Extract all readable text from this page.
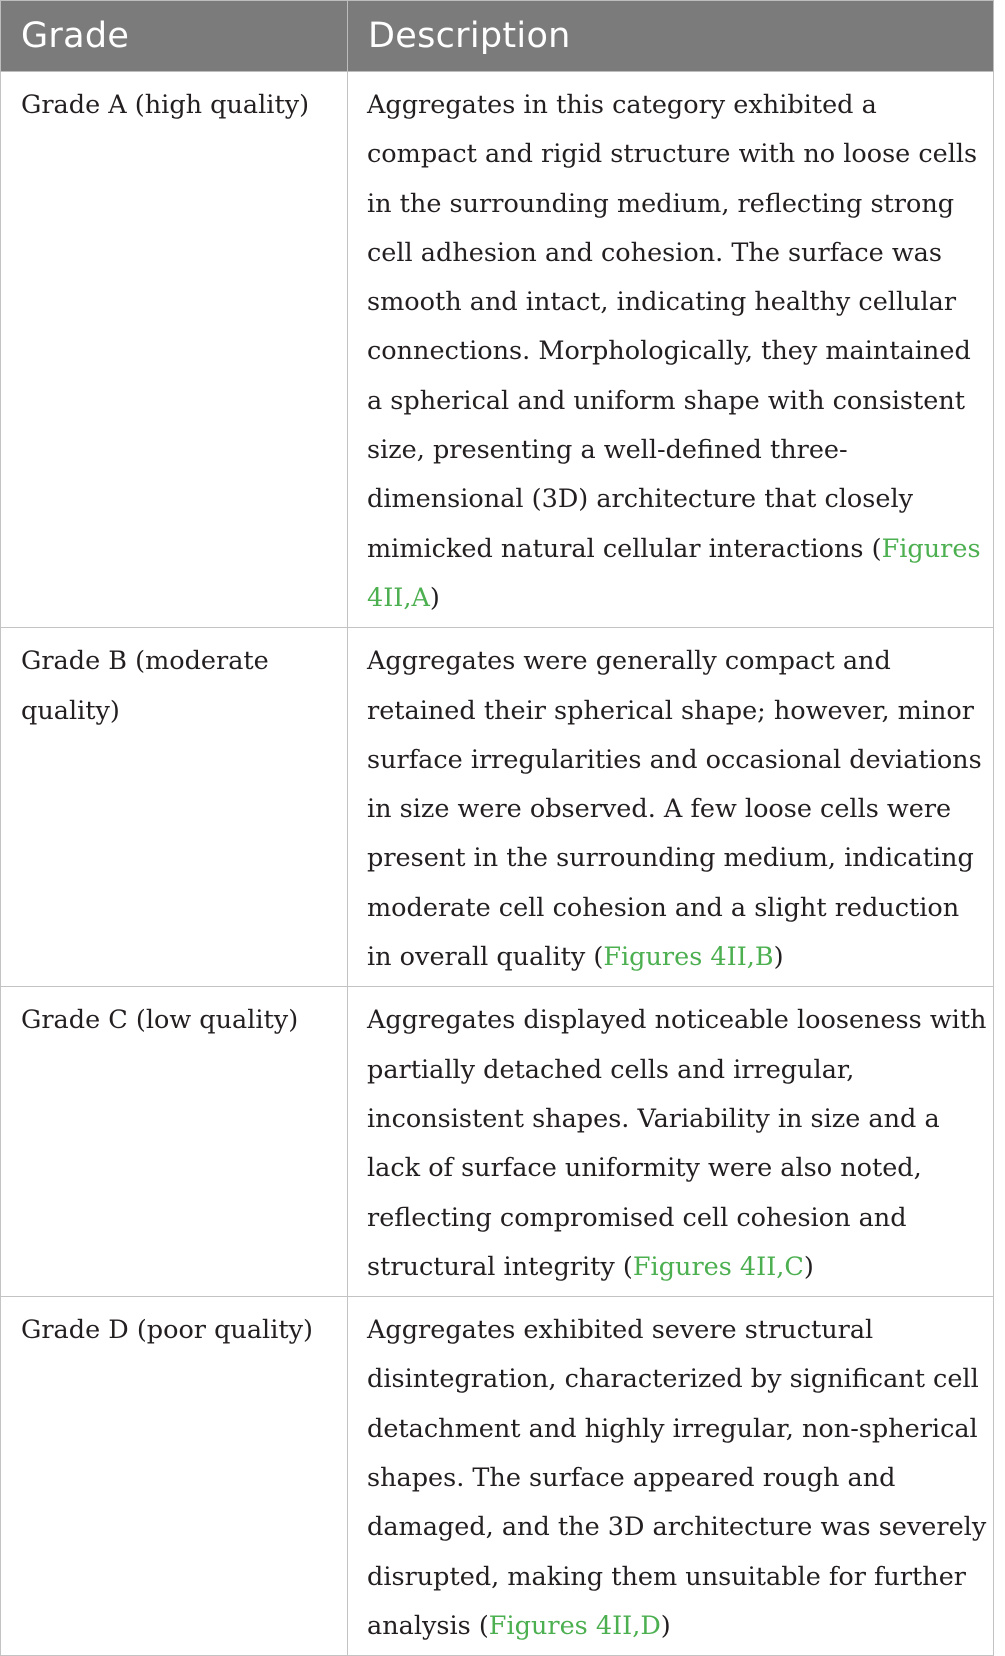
Grade	Description
Grade A (high quality)	Aggregates in this category exhibited a compact and rigid structure with no loose cells in the surrounding medium, reflecting strong cell adhesion and cohesion. The surface was smooth and intact, indicating healthy cellular connections. Morphologically, they maintained a spherical and uniform shape with consistent size, presenting a well-defined three-dimensional (3D) architecture that closely mimicked natural cellular interactions (Figures 4II,A)
Grade B (moderate quality)	Aggregates were generally compact and retained their spherical shape; however, minor surface irregularities and occasional deviations in size were observed. A few loose cells were present in the surrounding medium, indicating moderate cell cohesion and a slight reduction in overall quality (Figures 4II,B)
Grade C (low quality)	Aggregates displayed noticeable looseness with partially detached cells and irregular, inconsistent shapes. Variability in size and a lack of surface uniformity were also noted, reflecting compromised cell cohesion and structural integrity (Figures 4II,C)
Grade D (poor quality)	Aggregates exhibited severe structural disintegration, characterized by significant cell detachment and highly irregular, non-spherical shapes. The surface appeared rough and damaged, and the 3D architecture was severely disrupted, making them unsuitable for further analysis (Figures 4II,D)
